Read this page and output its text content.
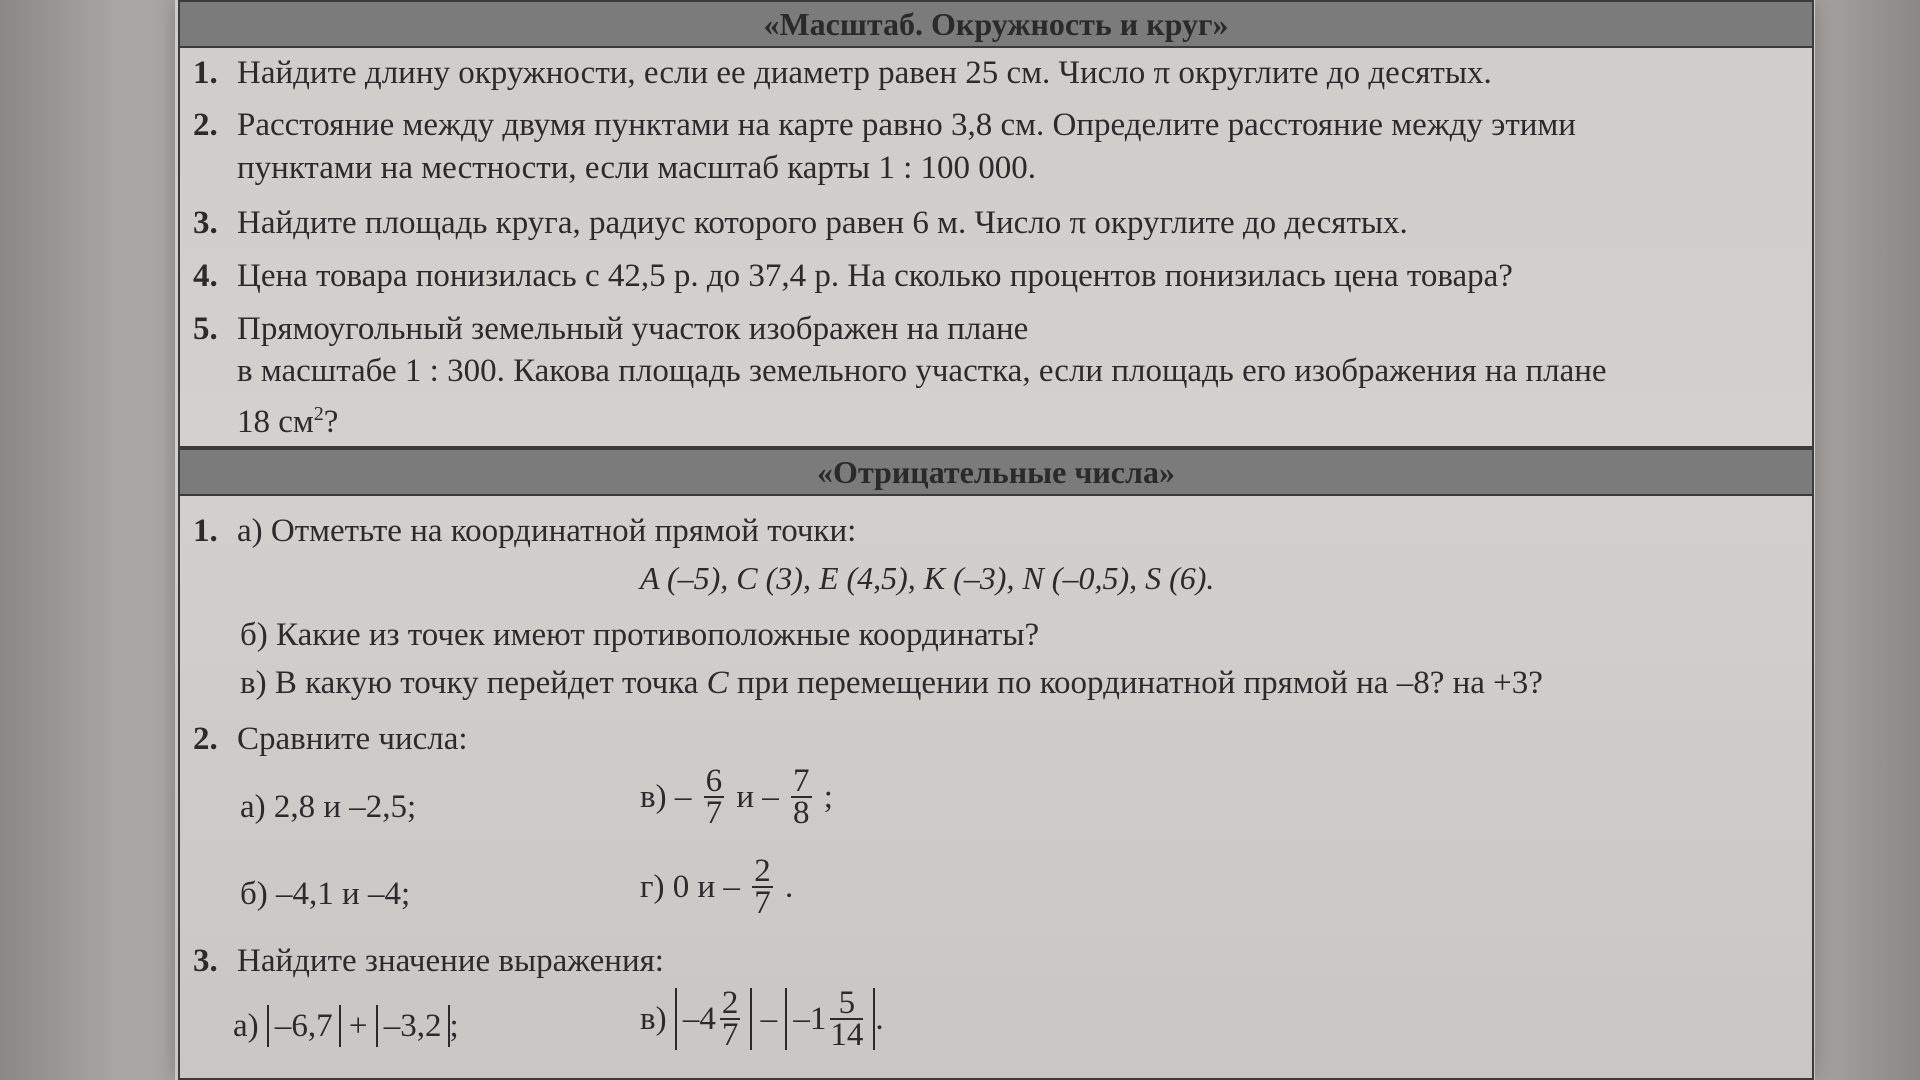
«Масштаб. Окружность и круг»
«Отрицательные числа»
1. Найдите длину окружности, если ее диаметр равен 25 см. Число π округлите до десятых.
2. Расстояние между двумя пунктами на карте равно 3,8 см. Определите расстояние между этими
пунктами на местности, если масштаб карты 1 : 100 000.
3. Найдите площадь круга, радиус которого равен 6 м. Число π округлите до десятых.
4. Цена товара понизилась с 42,5 р. до 37,4 р. На сколько процентов понизилась цена товара?
5. Прямоугольный земельный участок изображен на плане
в масштабе 1 : 300. Какова площадь земельного участка, если площадь его изображения на плане
18 $см^2$?
1. а) Отметьте на координатной прямой точки:
A (–5), C (3), E (4,5), K (–3), N (–0,5), S (6).
б) Какие из точек имеют противоположные координаты?
в) В какую точку перейдет точка C при перемещении по координатной прямой на –8? на +3?
2. Сравните числа:
а) 2,8 и –2,5;	$в) - \frac{6}{7}$ и – $\frac{7}{8}$ ;
б) –4,1 и –4;	г) 0 и – $\frac{2}{7}$ .
3. Найдите значение выражения:
а) –6,7 + –3,2 ;	в) $-4 \frac{2}{7} - -1 \frac{5}{14}$ .
